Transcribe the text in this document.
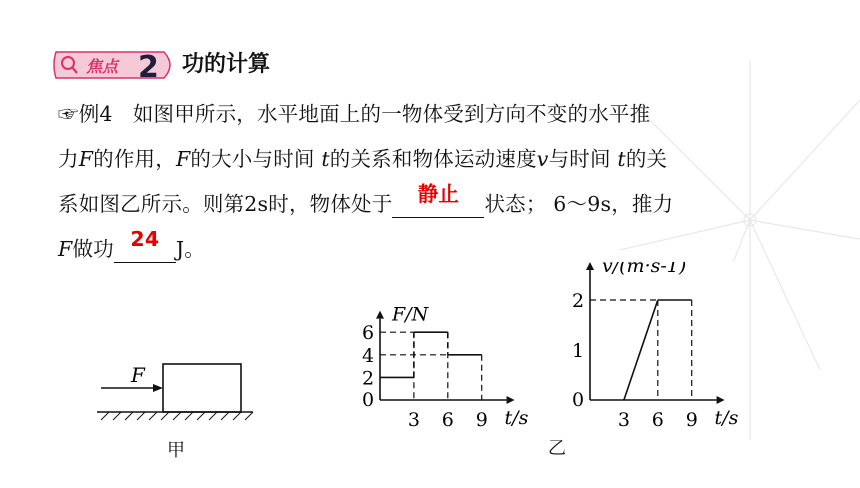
焦点 2 功的计算
☞例4 如图甲所示，水平地面上的一物体受到方向不变的水平推
力F的作用，F的大小与时间 t的关系和物体运动速度v与时间 t的关
系如图乙所示。则第2s时，物体处于	静止	状态； 6～9s，推力
F做功 24 J。
F
甲
0
F/N
t/s
3 6 9
2
4
6
0
v/(m·s-1)
t/s
3 6 9
1
2
乙
